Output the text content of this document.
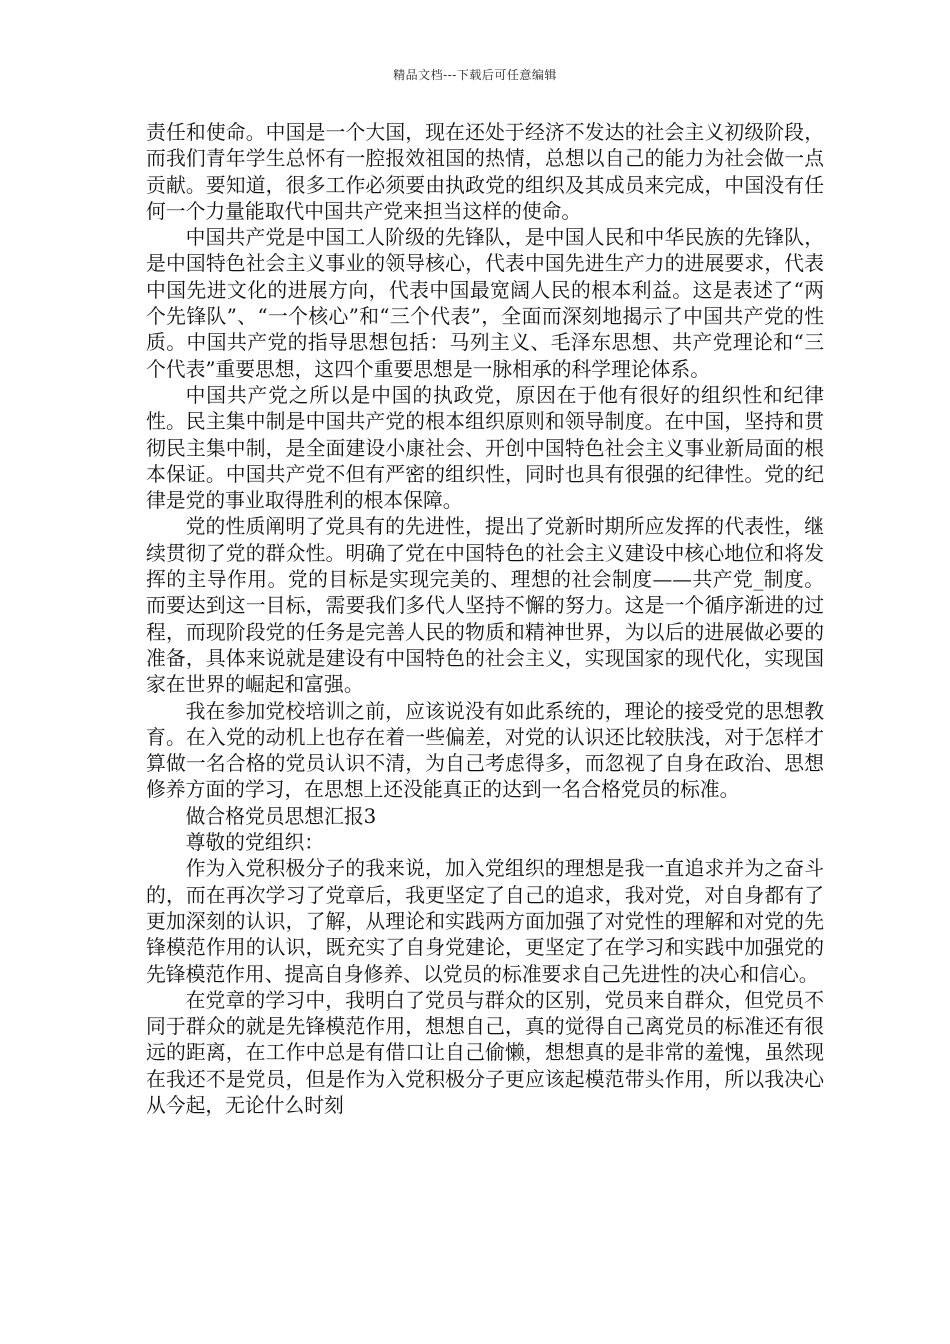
精品文档---下载后可任意编辑

责任和使命。中国是一个大国，现在还处于经济不发达的社会主义初级阶段，而我们青年学生总怀有一腔报效祖国的热情，总想以自己的能力为社会做一点贡献。要知道，很多工作必须要由执政党的组织及其成员来完成，中国没有任何一个力量能取代中国共产党来担当这样的使命。

中国共产党是中国工人阶级的先锋队，是中国人民和中华民族的先锋队，是中国特色社会主义事业的领导核心，代表中国先进生产力的进展要求，代表中国先进文化的进展方向，代表中国最宽阔人民的根本利益。这是表述了“两个先锋队”、“一个核心”和“三个代表”，全面而深刻地揭示了中国共产党的性质。中国共产党的指导思想包括：马列主义、毛泽东思想、共产党理论和“三个代表”重要思想，这四个重要思想是一脉相承的科学理论体系。

中国共产党之所以是中国的执政党，原因在于他有很好的组织性和纪律性。民主集中制是中国共产党的根本组织原则和领导制度。在中国，坚持和贯彻民主集中制，是全面建设小康社会、开创中国特色社会主义事业新局面的根本保证。中国共产党不但有严密的组织性，同时也具有很强的纪律性。党的纪律是党的事业取得胜利的根本保障。

党的性质阐明了党具有的先进性，提出了党新时期所应发挥的代表性，继续贯彻了党的群众性。明确了党在中国特色的社会主义建设中核心地位和将发挥的主导作用。党的目标是实现完美的、理想的社会制度——共产党_制度。而要达到这一目标，需要我们多代人坚持不懈的努力。这是一个循序渐进的过程，而现阶段党的任务是完善人民的物质和精神世界，为以后的进展做必要的准备，具体来说就是建设有中国特色的社会主义，实现国家的现代化，实现国家在世界的崛起和富强。

我在参加党校培训之前，应该说没有如此系统的，理论的接受党的思想教育。在入党的动机上也存在着一些偏差，对党的认识还比较肤浅，对于怎样才算做一名合格的党员认识不清，为自己考虑得多，而忽视了自身在政治、思想修养方面的学习，在思想上还没能真正的达到一名合格党员的标准。

做合格党员思想汇报3

尊敬的党组织：

作为入党积极分子的我来说，加入党组织的理想是我一直追求并为之奋斗的，而在再次学习了党章后，我更坚定了自己的追求，我对党，对自身都有了更加深刻的认识，了解，从理论和实践两方面加强了对党性的理解和对党的先锋模范作用的认识，既充实了自身党建论，更坚定了在学习和实践中加强党的先锋模范作用、提高自身修养、以党员的标准要求自己先进性的决心和信心。

在党章的学习中，我明白了党员与群众的区别，党员来自群众，但党员不同于群众的就是先锋模范作用，想想自己，真的觉得自己离党员的标准还有很远的距离，在工作中总是有借口让自己偷懒，想想真的是非常的羞愧，虽然现在我还不是党员，但是作为入党积极分子更应该起模范带头作用，所以我决心从今起，无论什么时刻
